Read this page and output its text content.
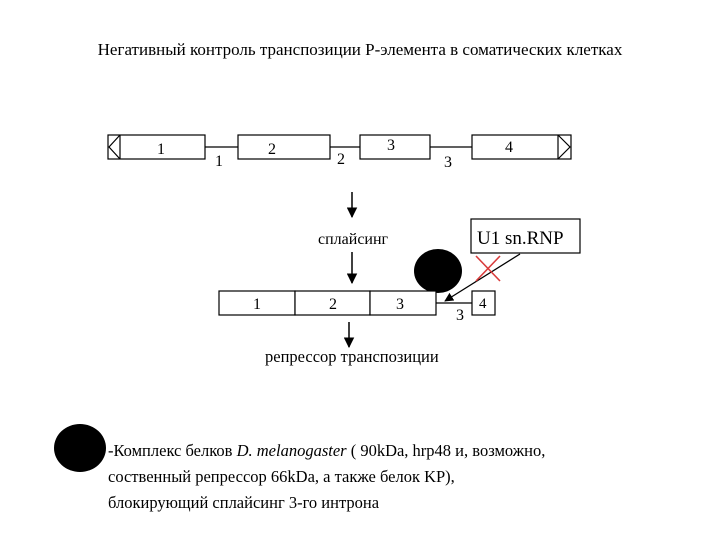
Негативный контроль транспозиции Р-элемента в соматических клетках
1
1
2
2
3
3
4
сплайсинг	U1 sn.RNP
1	2	3
3
4
репрессор транспозиции

-Комплекс белков D. melanogaster ( 90kDa, hrp48 и, возможно,

соственный репрессор 66kDa, а также белок KP),

блокирующий сплайсинг 3-го интрона
